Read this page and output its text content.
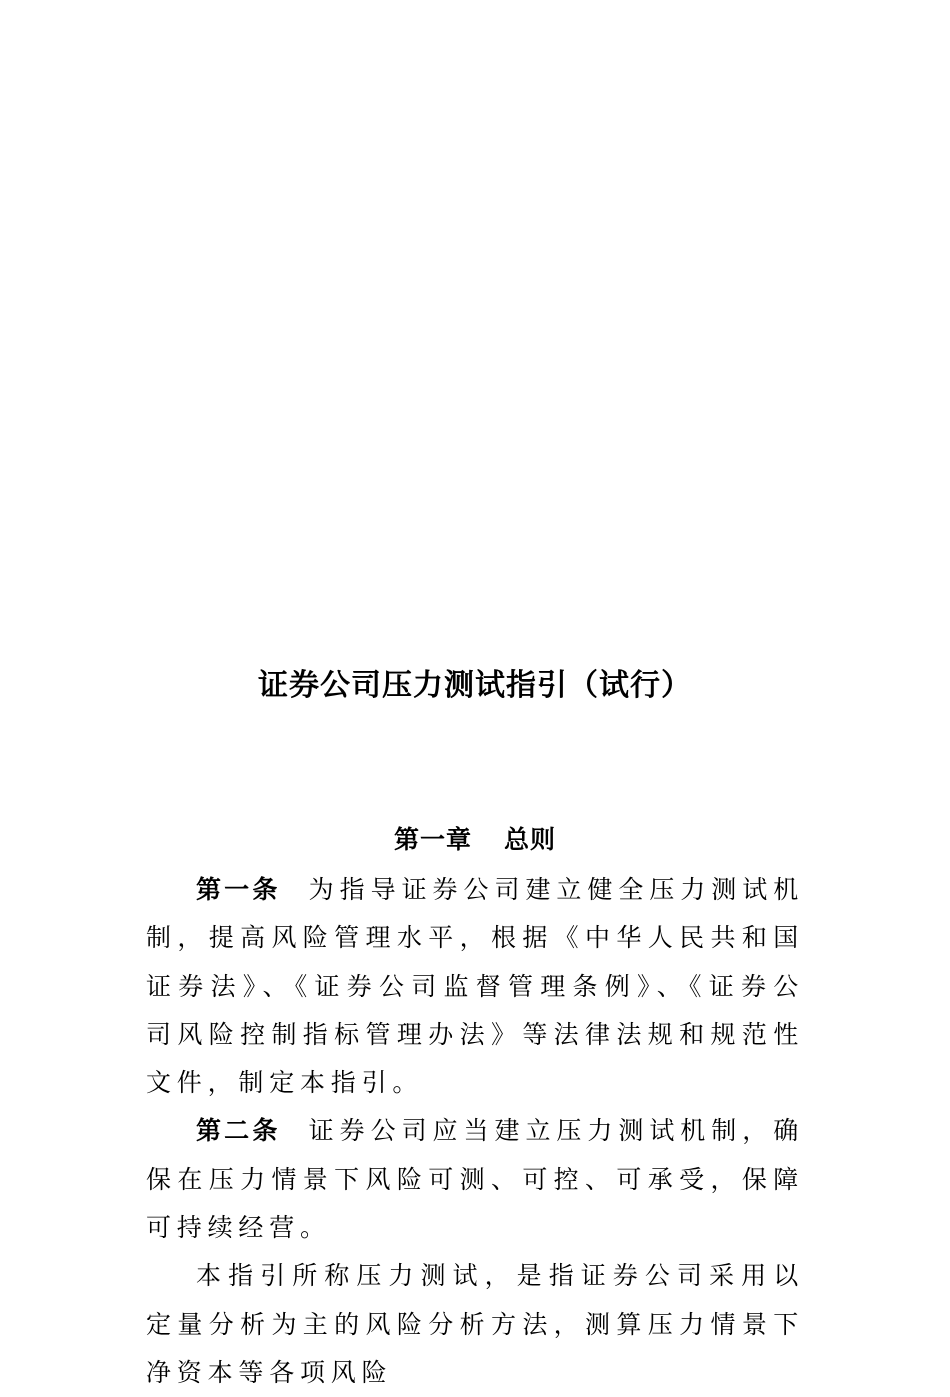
证券公司压力测试指引（试行）
第一章 总则

第一条 为指导证券公司建立健全压力测试机制，提高风险管理水平，根据《中华人民共和国证券法》、《证券公司监督管理条例》、《证券公司风险控制指标管理办法》等法律法规和规范性文件，制定本指引。

第二条 证券公司应当建立压力测试机制，确保在压力情景下风险可测、可控、可承受，保障可持续经营。

本指引所称压力测试，是指证券公司采用以定量分析为主的风险分析方法，测算压力情景下净资本等各项风险
